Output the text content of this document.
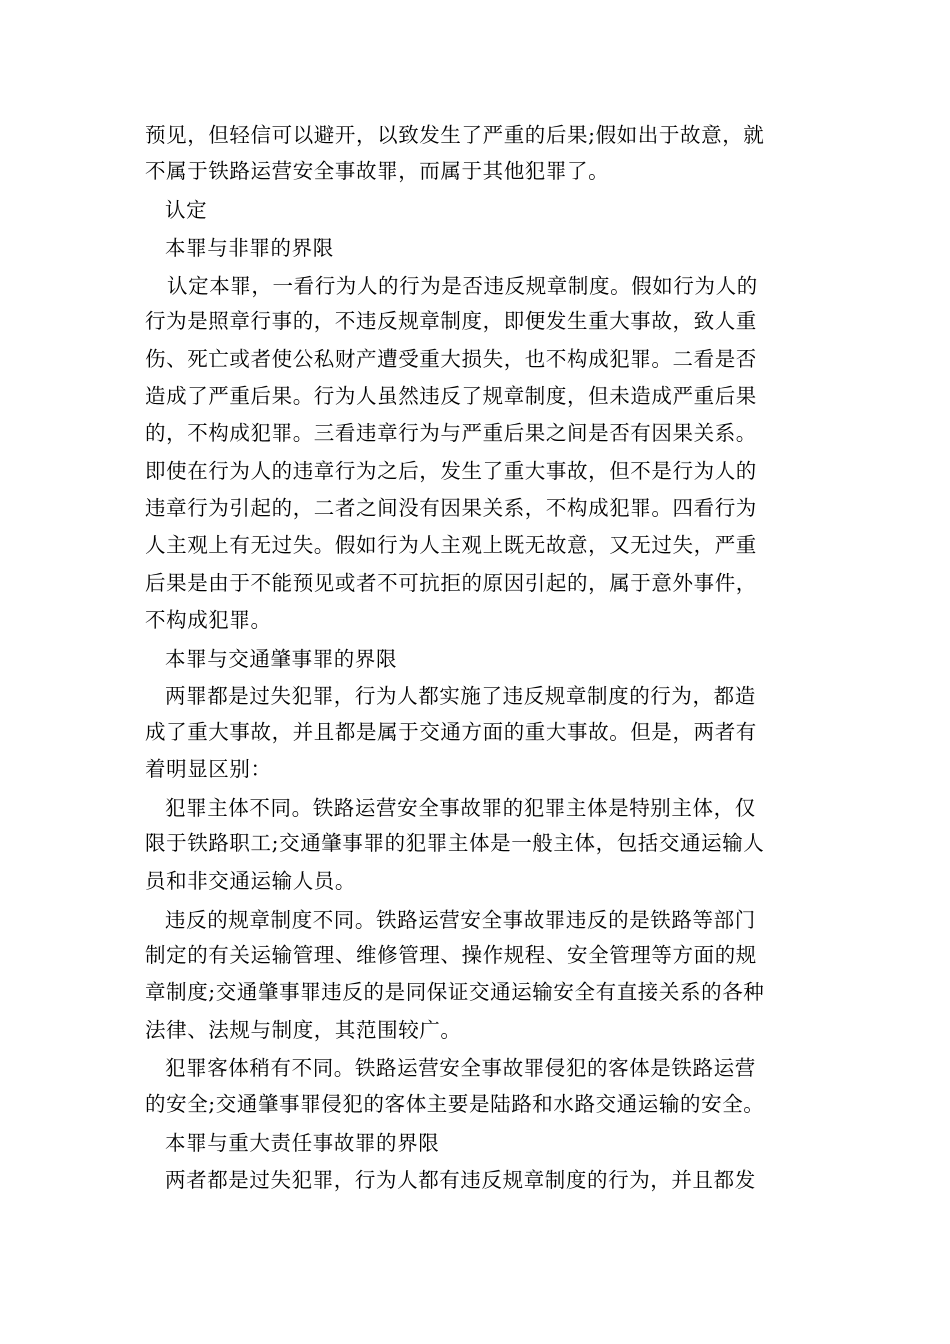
预见，但轻信可以避开，以致发生了严重的后果;假如出于故意，就
不属于铁路运营安全事故罪，而属于其他犯罪了。
认定
本罪与非罪的界限
认定本罪，一看行为人的行为是否违反规章制度。假如行为人的
行为是照章行事的，不违反规章制度，即便发生重大事故，致人重
伤、死亡或者使公私财产遭受重大损失，也不构成犯罪。二看是否
造成了严重后果。行为人虽然违反了规章制度，但未造成严重后果
的，不构成犯罪。三看违章行为与严重后果之间是否有因果关系。
即使在行为人的违章行为之后，发生了重大事故，但不是行为人的
违章行为引起的，二者之间没有因果关系，不构成犯罪。四看行为
人主观上有无过失。假如行为人主观上既无故意，又无过失，严重
后果是由于不能预见或者不可抗拒的原因引起的，属于意外事件，
不构成犯罪。
本罪与交通肇事罪的界限
两罪都是过失犯罪，行为人都实施了违反规章制度的行为，都造
成了重大事故，并且都是属于交通方面的重大事故。但是，两者有
着明显区别：
犯罪主体不同。铁路运营安全事故罪的犯罪主体是特别主体，仅
限于铁路职工;交通肇事罪的犯罪主体是一般主体，包括交通运输人
员和非交通运输人员。
违反的规章制度不同。铁路运营安全事故罪违反的是铁路等部门
制定的有关运输管理、维修管理、操作规程、安全管理等方面的规
章制度;交通肇事罪违反的是同保证交通运输安全有直接关系的各种
法律、法规与制度，其范围较广。
犯罪客体稍有不同。铁路运营安全事故罪侵犯的客体是铁路运营
的安全;交通肇事罪侵犯的客体主要是陆路和水路交通运输的安全。
本罪与重大责任事故罪的界限
两者都是过失犯罪，行为人都有违反规章制度的行为，并且都发
